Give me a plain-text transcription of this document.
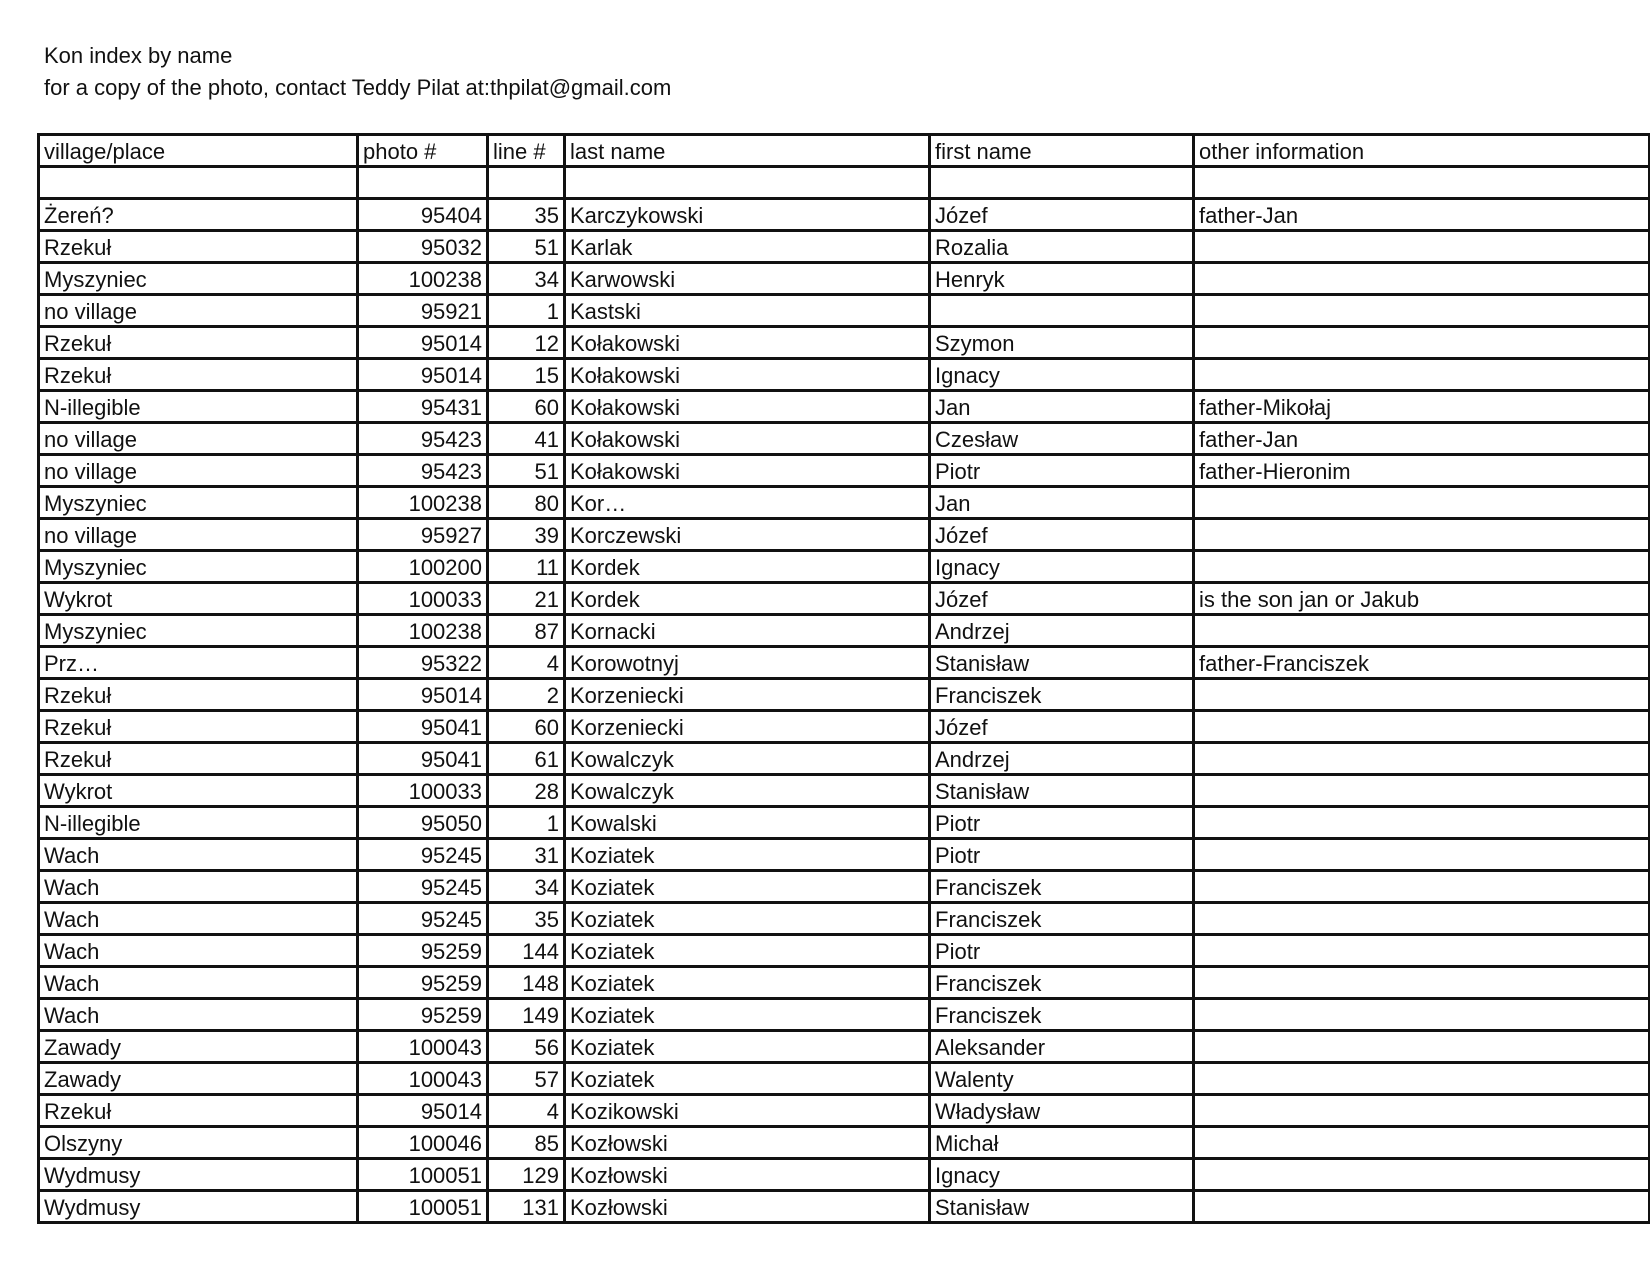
Kon index by name
for a copy of the photo, contact Teddy Pilat at:thpilat@gmail.com
village/place	photo #	line #	last name	first name	other information

Żereń?	95404	35	Karczykowski	Józef	father-Jan
Rzekuł	95032	51	Karlak	Rozalia	
Myszyniec	100238	34	Karwowski	Henryk	
no village	95921	1	Kastski		
Rzekuł	95014	12	Kołakowski	Szymon	
Rzekuł	95014	15	Kołakowski	Ignacy	
N-illegible	95431	60	Kołakowski	Jan	father-Mikołaj
no village	95423	41	Kołakowski	Czesław	father-Jan
no village	95423	51	Kołakowski	Piotr	father-Hieronim
Myszyniec	100238	80	Kor…	Jan	
no village	95927	39	Korczewski	Józef	
Myszyniec	100200	11	Kordek	Ignacy	
Wykrot	100033	21	Kordek	Józef	is the son jan or Jakub
Myszyniec	100238	87	Kornacki	Andrzej	
Prz…	95322	4	Korowotnyj	Stanisław	father-Franciszek
Rzekuł	95014	2	Korzeniecki	Franciszek	
Rzekuł	95041	60	Korzeniecki	Józef	
Rzekuł	95041	61	Kowalczyk	Andrzej	
Wykrot	100033	28	Kowalczyk	Stanisław	
N-illegible	95050	1	Kowalski	Piotr	
Wach	95245	31	Koziatek	Piotr	
Wach	95245	34	Koziatek	Franciszek	
Wach	95245	35	Koziatek	Franciszek	
Wach	95259	144	Koziatek	Piotr	
Wach	95259	148	Koziatek	Franciszek	
Wach	95259	149	Koziatek	Franciszek	
Zawady	100043	56	Koziatek	Aleksander	
Zawady	100043	57	Koziatek	Walenty	
Rzekuł	95014	4	Kozikowski	Władysław	
Olszyny	100046	85	Kozłowski	Michał	
Wydmusy	100051	129	Kozłowski	Ignacy	
Wydmusy	100051	131	Kozłowski	Stanisław	
